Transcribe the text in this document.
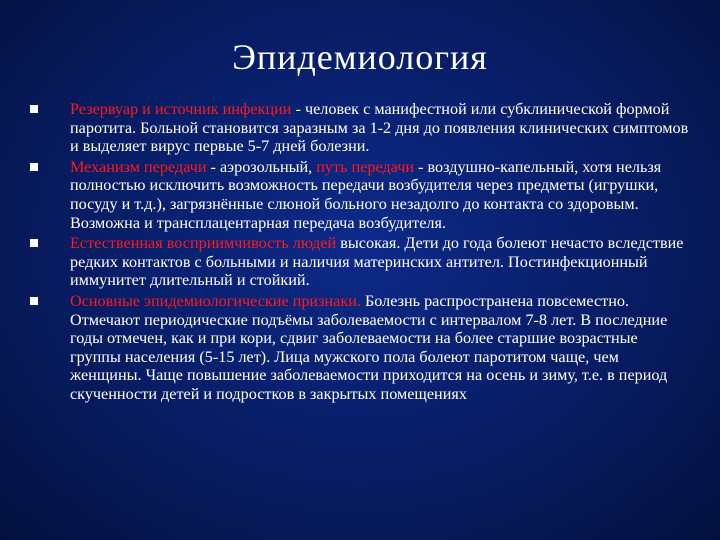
Эпидемиология
Резервуар и источник инфекции - человек с манифестной или субклинической формой паротита. Больной становится заразным за 1-2 дня до появления клинических симптомов и выделяет вирус первые 5-7 дней болезни.
Механизм передачи - аэрозольный, путь передачи - воздушно-капельный, хотя нельзя полностью исключить возможность передачи возбудителя через предметы (игрушки, посуду и т.д.), загрязнённые слюной больного незадолго до контакта со здоровым. Возможна и трансплацентарная передача возбудителя.
Естественная восприимчивость людей высокая. Дети до года болеют нечасто вследствие редких контактов с больными и наличия материнских антител. Постинфекционный иммунитет длительный и стойкий.
Основные эпидемиологические признаки. Болезнь распространена повсеместно. Отмечают периодические подъёмы заболеваемости с интервалом 7-8 лет. В последние годы отмечен, как и при кори, сдвиг заболеваемости на более старшие возрастные группы населения (5-15 лет). Лица мужского пола болеют паротитом чаще, чем женщины. Чаще повышение заболеваемости приходится на осень и зиму, т.е. в период скученности детей и подростков в закрытых помещениях
